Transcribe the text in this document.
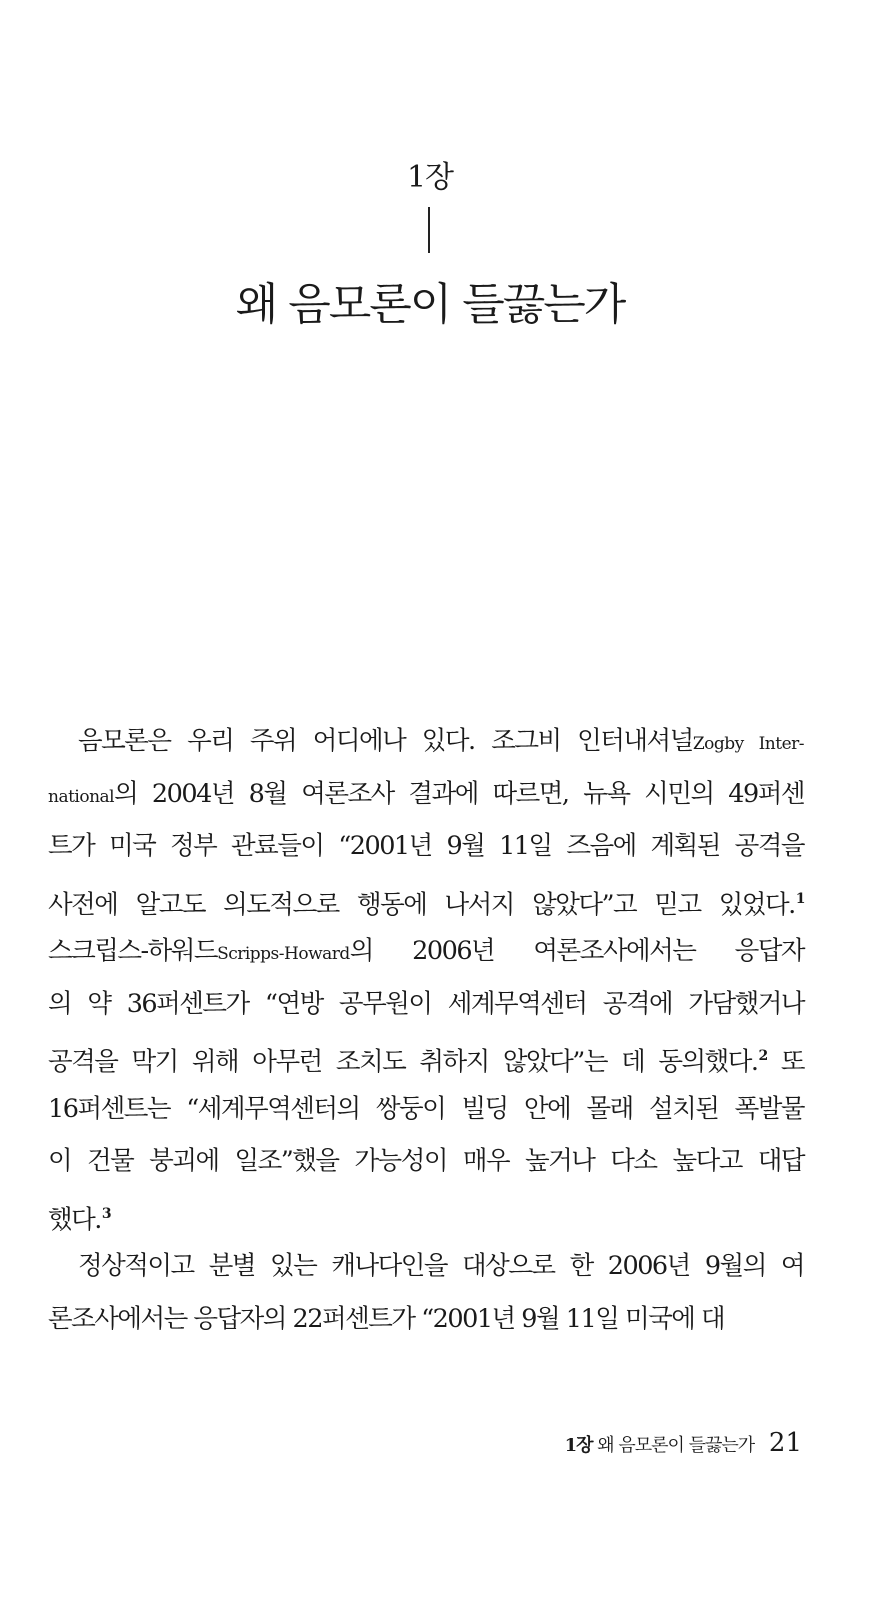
1장
왜 음모론이 들끓는가
음모론은 우리 주위 어디에나 있다. 조그비 인터내셔널Zogby Inter-
national의 2004년 8월 여론조사 결과에 따르면, 뉴욕 시민의 49퍼센
트가 미국 정부 관료들이 “2001년 9월 11일 즈음에 계획된 공격을
사전에 알고도 의도적으로 행동에 나서지 않았다”고 믿고 있었다.$^1$
스크립스-하워드Scripps-Howard의 2006년 여론조사에서는 응답자
의 약 36퍼센트가 “연방 공무원이 세계무역센터 공격에 가담했거나
공격을 막기 위해 아무런 조치도 취하지 않았다”는 데 동의했다.$^2$ 또
16퍼센트는 “세계무역센터의 쌍둥이 빌딩 안에 몰래 설치된 폭발물
이 건물 붕괴에 일조”했을 가능성이 매우 높거나 다소 높다고 대답
했다.$^3$
정상적이고 분별 있는 캐나다인을 대상으로 한 2006년 9월의 여
론조사에서는 응답자의 22퍼센트가 “2001년 9월 11일 미국에 대
1장 왜 음모론이 들끓는가 21
